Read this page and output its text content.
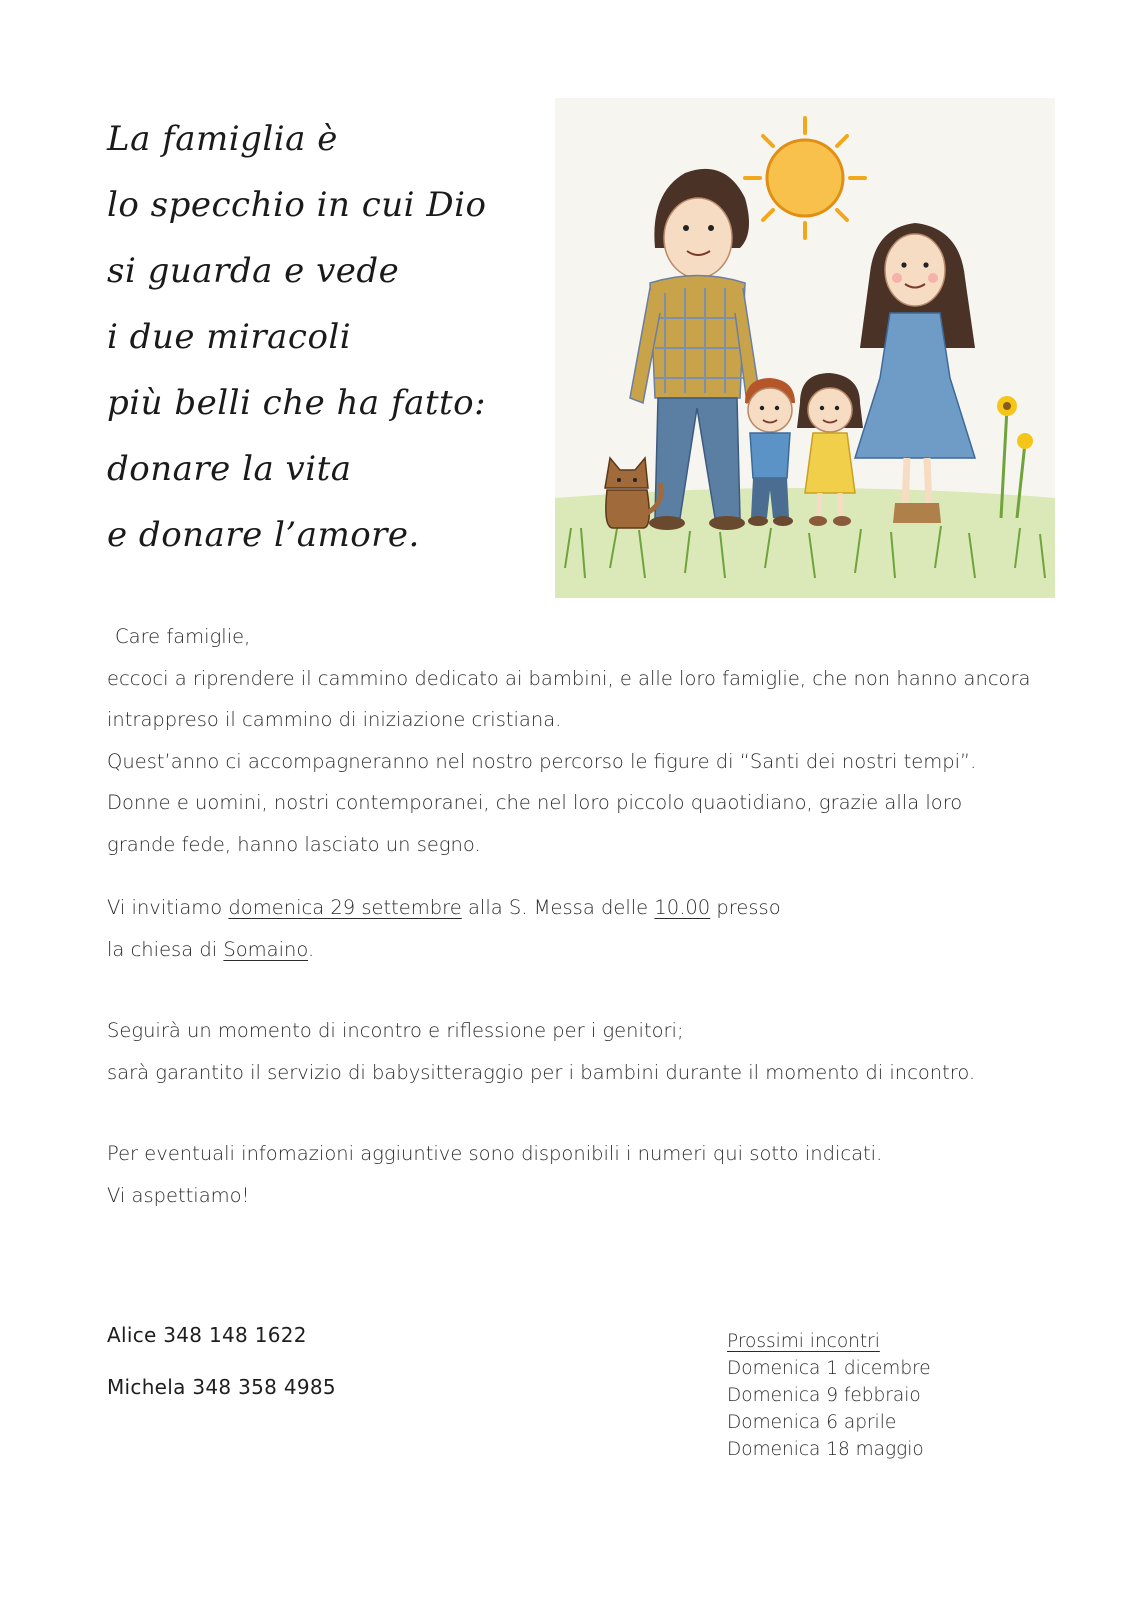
La famiglia è
lo specchio in cui Dio
si guarda e vede
i due miracoli
più belli che ha fatto:
donare la vita
e donare l’amore.

Care famiglie,

eccoci a riprendere il cammino dedicato ai bambini, e alle loro famiglie, che non hanno ancora

intrappreso il cammino di iniziazione cristiana.

Quest’anno ci accompagneranno nel nostro percorso le figure di “Santi dei nostri tempi”.

Donne e uomini, nostri contemporanei, che nel loro piccolo quaotidiano, grazie alla loro

grande fede, hanno lasciato un segno.

Vi invitiamo domenica 29 settembre alla S. Messa delle 10.00 presso

la chiesa di Somaino.

Seguirà un momento di incontro e riflessione per i genitori;

sarà garantito il servizio di babysitteraggio per i bambini durante il momento di incontro.

Per eventuali infomazioni aggiuntive sono disponibili i numeri qui sotto indicati.

Vi aspettiamo!

Alice 348 148 1622

Michela 348 358 4985

Prossimi incontri
Domenica 1 dicembre
Domenica 9 febbraio
Domenica 6 aprile
Domenica 18 maggio
